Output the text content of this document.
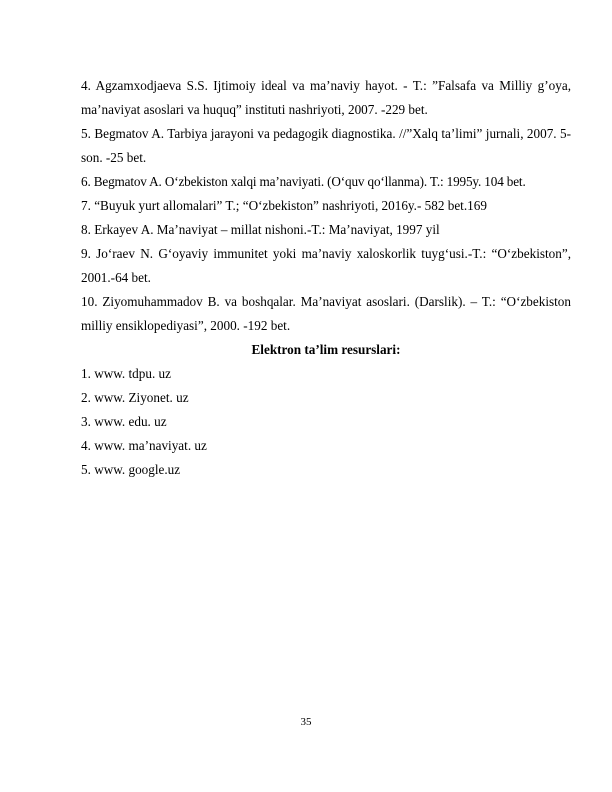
4. Agzamxodjaeva S.S. Ijtimoiy ideal va ma’naviy hayot. - T.: ”Falsafa va Milliy g’oya, ma’naviyat asoslari va huquq” instituti nashriyoti, 2007. -229 bet.

5. Begmatov A. Tarbiya jarayoni va pedagogik diagnostika. //”Xalq ta’limi” jurnali, 2007. 5-son. -25 bet.

6. Begmatov A. O‘zbekiston xalqi ma’naviyati. (O‘quv qo‘llanma). T.: 1995y. 104 bet.

7. “Buyuk yurt allomalari” T.; “O‘zbekiston” nashriyoti, 2016y.- 582 bet.169

8. Erkayev A. Ma’naviyat – millat nishoni.-T.: Ma’naviyat, 1997 yil

9. Jo‘raev N. G‘oyaviy immunitet yoki ma’naviy xaloskorlik tuyg‘usi.-T.: “O‘zbekiston”, 2001.-64 bet.

10. Ziyomuhammadov B. va boshqalar. Ma’naviyat asoslari. (Darslik). – T.: “O‘zbekiston milliy ensiklopediyasi”, 2000. -192 bet.

Elektron ta’lim resurslari:

1. www. tdpu. uz

2. www. Ziyonet. uz

3. www. edu. uz

4. www. ma’naviyat. uz

5. www. google.uz

35
